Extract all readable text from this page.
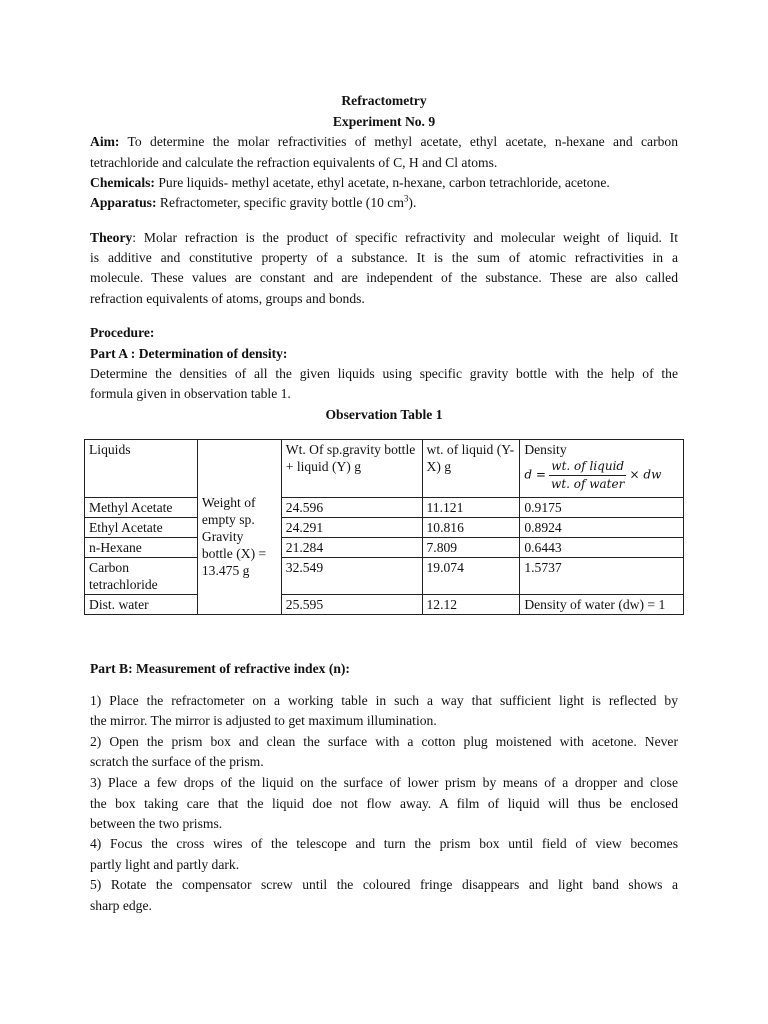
Refractometry
Experiment No. 9
Aim: To determine the molar refractivities of methyl acetate, ethyl acetate, n-hexane and carbon
tetrachloride and calculate the refraction equivalents of C, H and Cl atoms.
Chemicals: Pure liquids- methyl acetate, ethyl acetate, n-hexane, carbon tetrachloride, acetone.
Apparatus: Refractometer, specific gravity bottle (10 $cm^3$).
Theory: Molar refraction is the product of specific refractivity and molecular weight of liquid. It
is additive and constitutive property of a substance. It is the sum of atomic refractivities in a
molecule. These values are constant and are independent of the substance. These are also called
refraction equivalents of atoms, groups and bonds.
Procedure:
Part A : Determination of density:
Determine the densities of all the given liquids using specific gravity bottle with the help of the
formula given in observation table 1.
Observation Table 1
Liquids	Weight of empty sp. Gravity bottle (X) = 13.475 g	Wt. Of sp.gravity bottle + liquid (Y) g	wt. of liquid (Y-X) g	Density
$d = \frac{\text{wt. of liquid}}{\text{wt. of water}}$ × dw

Methyl Acetate		24.596	11.121	0.9175
Ethyl Acetate		24.291	10.816	0.8924
n-Hexane		21.284	7.809	0.6443
Carbon tetrachloride		32.549	19.074	1.5737
Dist. water		25.595	12.12	Density of water (dw) = 1
Part B: Measurement of refractive index (n):
1) Place the refractometer on a working table in such a way that sufficient light is reflected by
the mirror. The mirror is adjusted to get maximum illumination.
2) Open the prism box and clean the surface with a cotton plug moistened with acetone. Never
scratch the surface of the prism.
3) Place a few drops of the liquid on the surface of lower prism by means of a dropper and close
the box taking care that the liquid doe not flow away. A film of liquid will thus be enclosed
between the two prisms.
4) Focus the cross wires of the telescope and turn the prism box until field of view becomes
partly light and partly dark.
5) Rotate the compensator screw until the coloured fringe disappears and light band shows a
sharp edge.
